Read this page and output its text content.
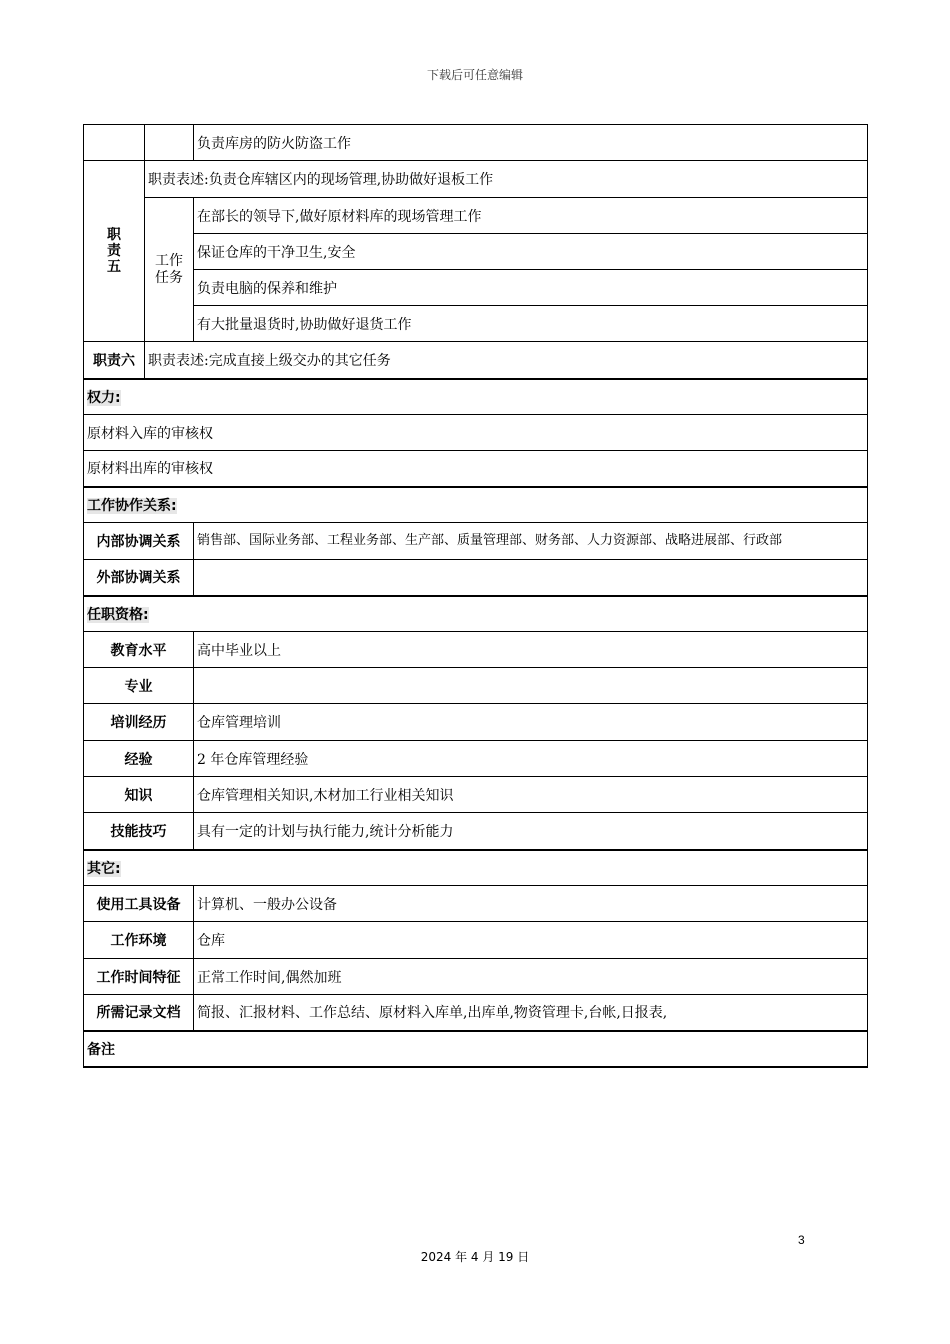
下载后可任意编辑
		负责库房的防火防盗工作

职责五	职责表述:负责仓库辖区内的现场管理,协助做好退板工作	

	工作任务	在部长的领导下,做好原材料库的现场管理工作
		保证仓库的干净卫生,安全
		负责电脑的保养和维护
		有大批量退货时,协助做好退货工作
职责六	职责表述:完成直接上级交办的其它任务	
权力:		
原材料入库的审核权		
原材料出库的审核权		
工作协作关系:		
内部协调关系		销售部、国际业务部、工程业务部、生产部、质量管理部、财务部、人力资源部、战略进展部、行政部
外部协调关系		
任职资格:		
教育水平		高中毕业以上
专业		
培训经历		仓库管理培训
经验		2 年仓库管理经验
知识		仓库管理相关知识,木材加工行业相关知识
技能技巧		具有一定的计划与执行能力,统计分析能力
其它:		
使用工具设备		计算机、一般办公设备
工作环境		仓库
工作时间特征		正常工作时间,偶然加班
所需记录文档		简报、汇报材料、工作总结、原材料入库单,出库单,物资管理卡,台帐,日报表,
备注		
3
2024 年 4 月 19 日
